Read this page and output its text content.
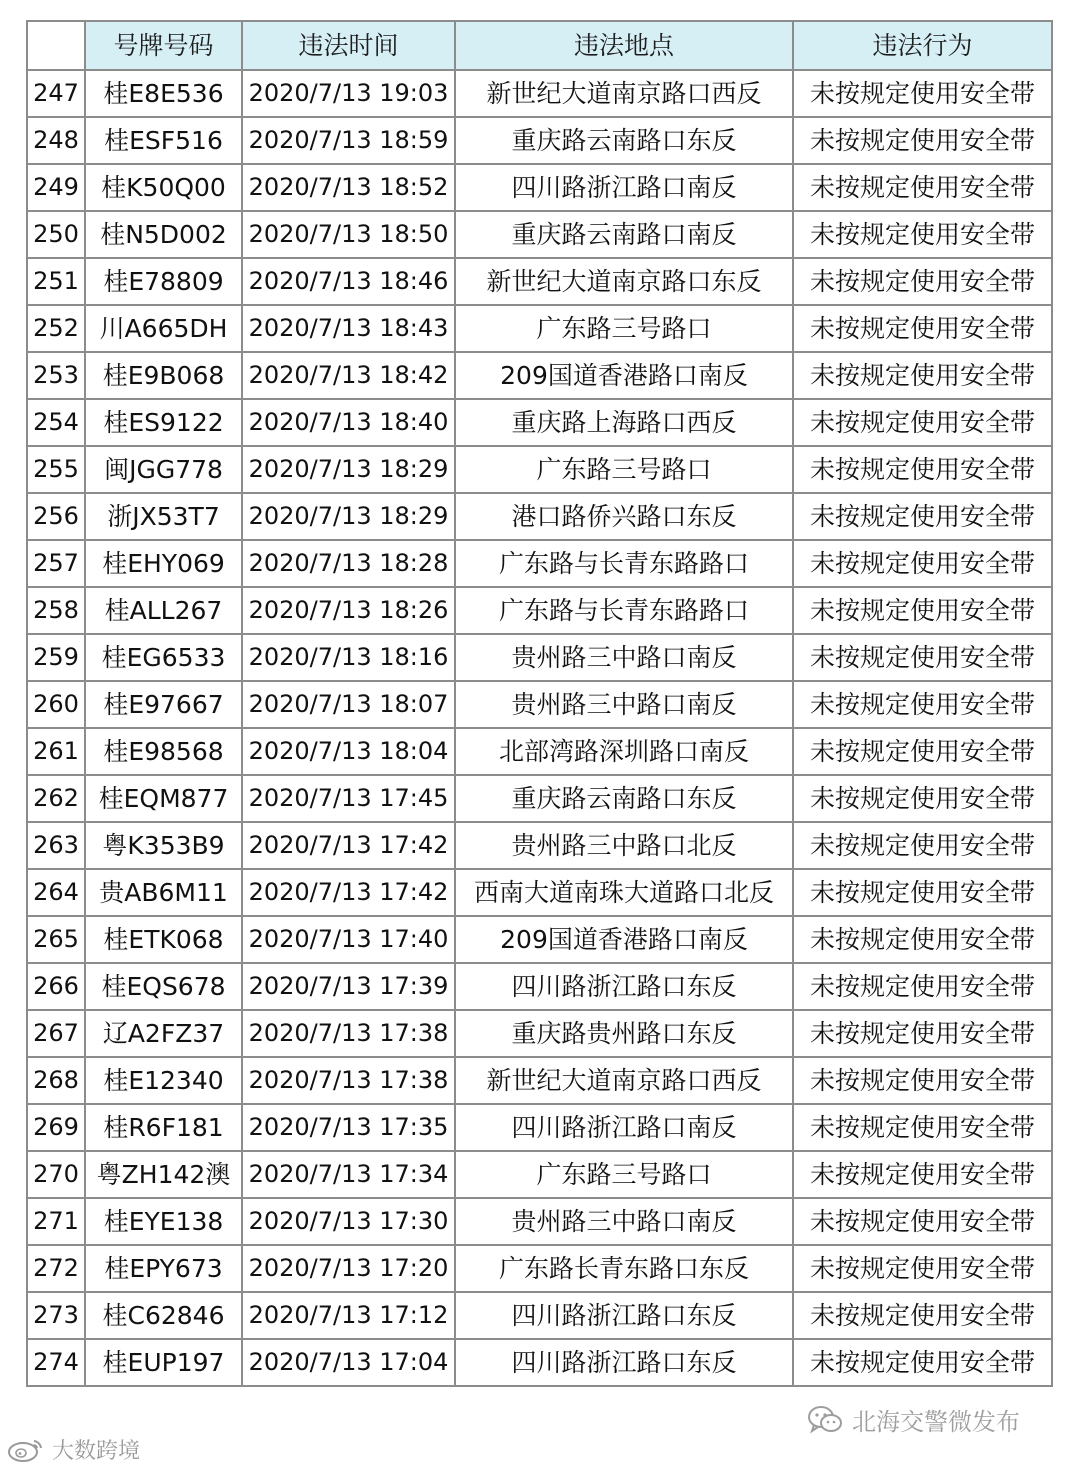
	号牌号码	违法时间	违法地点	违法行为
247	桂E8E536	2020/7/13 19:03	新世纪大道南京路口西反	未按规定使用安全带
248	桂ESF516	2020/7/13 18:59	重庆路云南路口东反	未按规定使用安全带
249	桂K50Q00	2020/7/13 18:52	四川路浙江路口南反	未按规定使用安全带
250	桂N5D002	2020/7/13 18:50	重庆路云南路口南反	未按规定使用安全带
251	桂E78809	2020/7/13 18:46	新世纪大道南京路口东反	未按规定使用安全带
252	川A665DH	2020/7/13 18:43	广东路三号路口	未按规定使用安全带
253	桂E9B068	2020/7/13 18:42	209国道香港路口南反	未按规定使用安全带
254	桂ES9122	2020/7/13 18:40	重庆路上海路口西反	未按规定使用安全带
255	闽JGG778	2020/7/13 18:29	广东路三号路口	未按规定使用安全带
256	浙JX53T7	2020/7/13 18:29	港口路侨兴路口东反	未按规定使用安全带
257	桂EHY069	2020/7/13 18:28	广东路与长青东路路口	未按规定使用安全带
258	桂ALL267	2020/7/13 18:26	广东路与长青东路路口	未按规定使用安全带
259	桂EG6533	2020/7/13 18:16	贵州路三中路口南反	未按规定使用安全带
260	桂E97667	2020/7/13 18:07	贵州路三中路口南反	未按规定使用安全带
261	桂E98568	2020/7/13 18:04	北部湾路深圳路口南反	未按规定使用安全带
262	桂EQM877	2020/7/13 17:45	重庆路云南路口东反	未按规定使用安全带
263	粤K353B9	2020/7/13 17:42	贵州路三中路口北反	未按规定使用安全带
264	贵AB6M11	2020/7/13 17:42	西南大道南珠大道路口北反	未按规定使用安全带
265	桂ETK068	2020/7/13 17:40	209国道香港路口南反	未按规定使用安全带
266	桂EQS678	2020/7/13 17:39	四川路浙江路口东反	未按规定使用安全带
267	辽A2FZ37	2020/7/13 17:38	重庆路贵州路口东反	未按规定使用安全带
268	桂E12340	2020/7/13 17:38	新世纪大道南京路口西反	未按规定使用安全带
269	桂R6F181	2020/7/13 17:35	四川路浙江路口南反	未按规定使用安全带
270	粤ZH142澳	2020/7/13 17:34	广东路三号路口	未按规定使用安全带
271	桂EYE138	2020/7/13 17:30	贵州路三中路口南反	未按规定使用安全带
272	桂EPY673	2020/7/13 17:20	广东路长青东路口东反	未按规定使用安全带
273	桂C62846	2020/7/13 17:12	四川路浙江路口东反	未按规定使用安全带
274	桂EUP197	2020/7/13 17:04	四川路浙江路口东反	未按规定使用安全带
大数跨境
北海交警微发布
